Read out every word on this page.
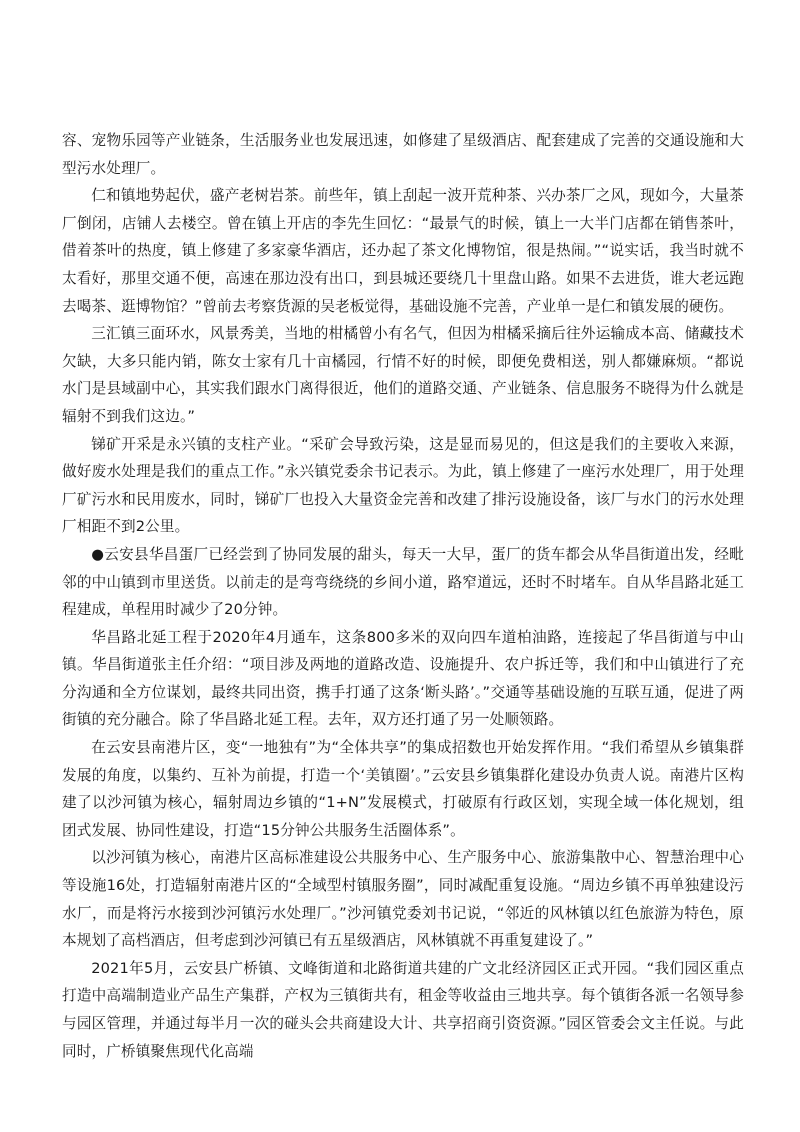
容、宠物乐园等产业链条，生活服务业也发展迅速，如修建了星级酒店、配套建成了完善的交通设施和大型污水处理厂。

仁和镇地势起伏，盛产老树岩茶。前些年，镇上刮起一波开荒种茶、兴办茶厂之风，现如今，大量茶厂倒闭，店铺人去楼空。曾在镇上开店的李先生回忆：“最景气的时候，镇上一大半门店都在销售茶叶，借着茶叶的热度，镇上修建了多家豪华酒店，还办起了茶文化博物馆，很是热闹。”“说实话，我当时就不太看好，那里交通不便，高速在那边没有出口，到县城还要绕几十里盘山路。如果不去进货，谁大老远跑去喝茶、逛博物馆？”曾前去考察货源的吴老板觉得，基础设施不完善，产业单一是仁和镇发展的硬伤。

三汇镇三面环水，风景秀美，当地的柑橘曾小有名气，但因为柑橘采摘后往外运输成本高、储藏技术欠缺，大多只能内销，陈女士家有几十亩橘园，行情不好的时候，即便免费相送，别人都嫌麻烦。“都说水门是县域副中心，其实我们跟水门离得很近，他们的道路交通、产业链条、信息服务不晓得为什么就是辐射不到我们这边。”

锑矿开采是永兴镇的支柱产业。“采矿会导致污染，这是显而易见的，但这是我们的主要收入来源，做好废水处理是我们的重点工作。”永兴镇党委余书记表示。为此，镇上修建了一座污水处理厂，用于处理厂矿污水和民用废水，同时，锑矿厂也投入大量资金完善和改建了排污设施设备，该厂与水门的污水处理厂相距不到2公里。

●云安县华昌蛋厂已经尝到了协同发展的甜头，每天一大早，蛋厂的货车都会从华昌街道出发，经毗邻的中山镇到市里送货。以前走的是弯弯绕绕的乡间小道，路窄道远，还时不时堵车。自从华昌路北延工程建成，单程用时减少了20分钟。

华昌路北延工程于2020年4月通车，这条800多米的双向四车道柏油路，连接起了华昌街道与中山镇。华昌街道张主任介绍：“项目涉及两地的道路改造、设施提升、农户拆迁等，我们和中山镇进行了充分沟通和全方位谋划，最终共同出资，携手打通了这条‘断头路’。”交通等基础设施的互联互通，促进了两街镇的充分融合。除了华昌路北延工程。去年，双方还打通了另一处顺领路。

在云安县南港片区，变“一地独有”为“全体共享”的集成招数也开始发挥作用。“我们希望从乡镇集群发展的角度，以集约、互补为前提，打造一个‘美镇圈’。”云安县乡镇集群化建设办负责人说。南港片区构建了以沙河镇为核心，辐射周边乡镇的“1+N”发展模式，打破原有行政区划，实现全域一体化规划，组团式发展、协同性建设，打造“15分钟公共服务生活圈体系”。

以沙河镇为核心，南港片区高标准建设公共服务中心、生产服务中心、旅游集散中心、智慧治理中心等设施16处，打造辐射南港片区的“全域型村镇服务圈”，同时减配重复设施。“周边乡镇不再单独建设污水厂，而是将污水接到沙河镇污水处理厂。”沙河镇党委刘书记说，“邻近的风林镇以红色旅游为特色，原本规划了高档酒店，但考虑到沙河镇已有五星级酒店，风林镇就不再重复建设了。”

2021年5月，云安县广桥镇、文峰街道和北路街道共建的广文北经济园区正式开园。“我们园区重点打造中高端制造业产品生产集群，产权为三镇街共有，租金等收益由三地共享。每个镇街各派一名领导参与园区管理，并通过每半月一次的碰头会共商建设大计、共享招商引资资源。”园区管委会文主任说。与此同时，广桥镇聚焦现代化高端
